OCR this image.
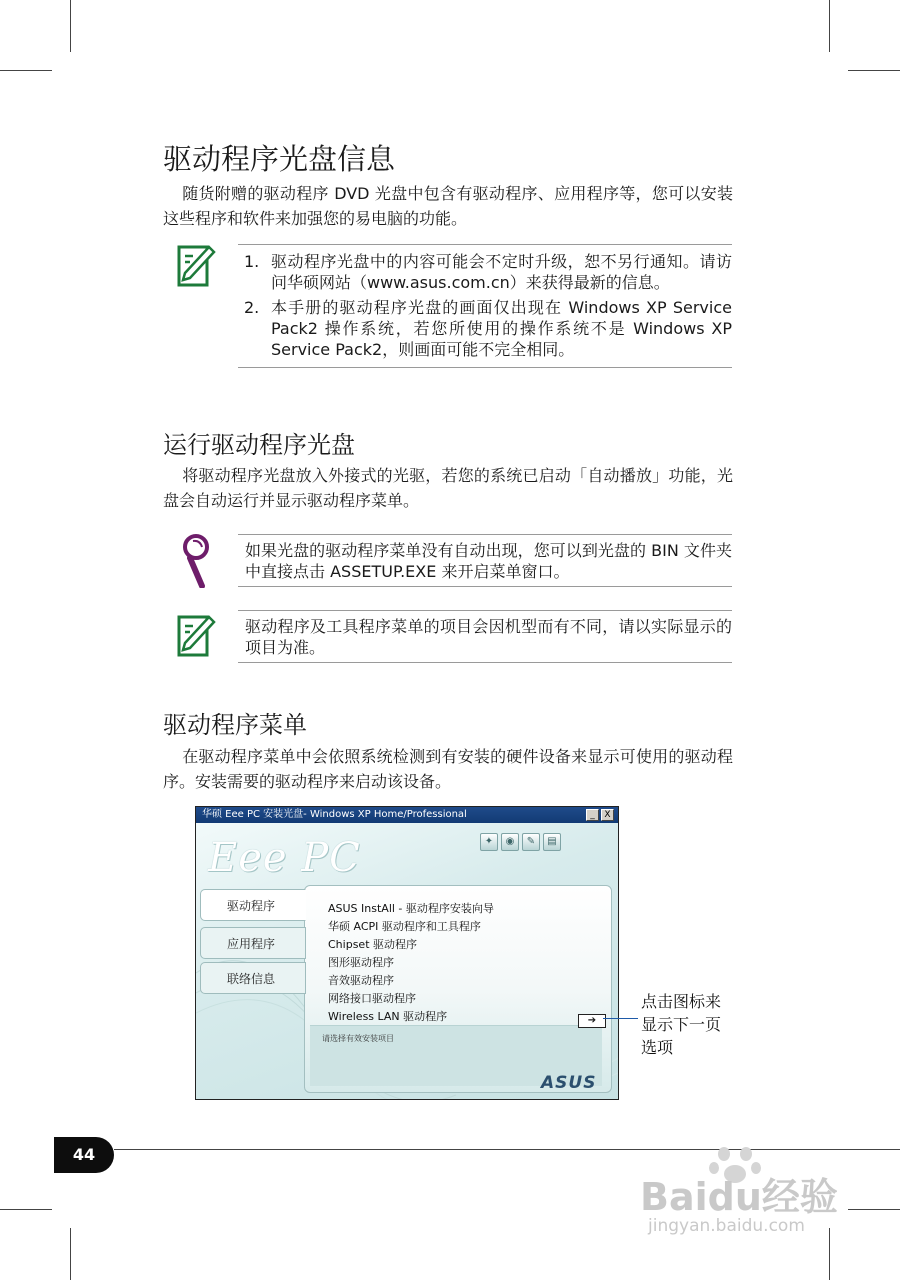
驱动程序光盘信息

随货附赠的驱动程序 DVD 光盘中包含有驱动程序、应用程序等，您可以安装这些程序和软件来加强您的易电脑的功能。

1. 驱动程序光盘中的内容可能会不定时升级，恕不另行通知。请访问华硕网站（www.asus.com.cn）来获得最新的信息。
2. 本手册的驱动程序光盘的画面仅出现在 Windows XP Service Pack2 操作系统，若您所使用的操作系统不是 Windows XP Service Pack2，则画面可能不完全相同。
运行驱动程序光盘

将驱动程序光盘放入外接式的光驱，若您的系统已启动「自动播放」功能，光盘会自动运行并显示驱动程序菜单。

如果光盘的驱动程序菜单没有自动出现，您可以到光盘的 BIN 文件夹中直接点击 ASSETUP.EXE 来开启菜单窗口。
驱动程序及工具程序菜单的项目会因机型而有不同，请以实际显示的项目为准。
驱动程序菜单

在驱动程序菜单中会依照系统检测到有安装的硬件设备来显示可使用的驱动程序。安装需要的驱动程序来启动该设备。

华硕 Eee PC 安装光盘- Windows XP Home/Professional	_	X
Eee PC	✦	◉	✎	▤
驱动程序
应用程序
联络信息
ASUS InstAll - 驱动程序安装向导
华硕 ACPI 驱动程序和工具程序
Chipset 驱动程序
图形驱动程序
音效驱动程序
网络接口驱动程序
Wireless LAN 驱动程序
请选择有效安装项目
➔
ASUS
点击图标来
显示下一页
选项
44
Baidu经验
jingyan.baidu.com
